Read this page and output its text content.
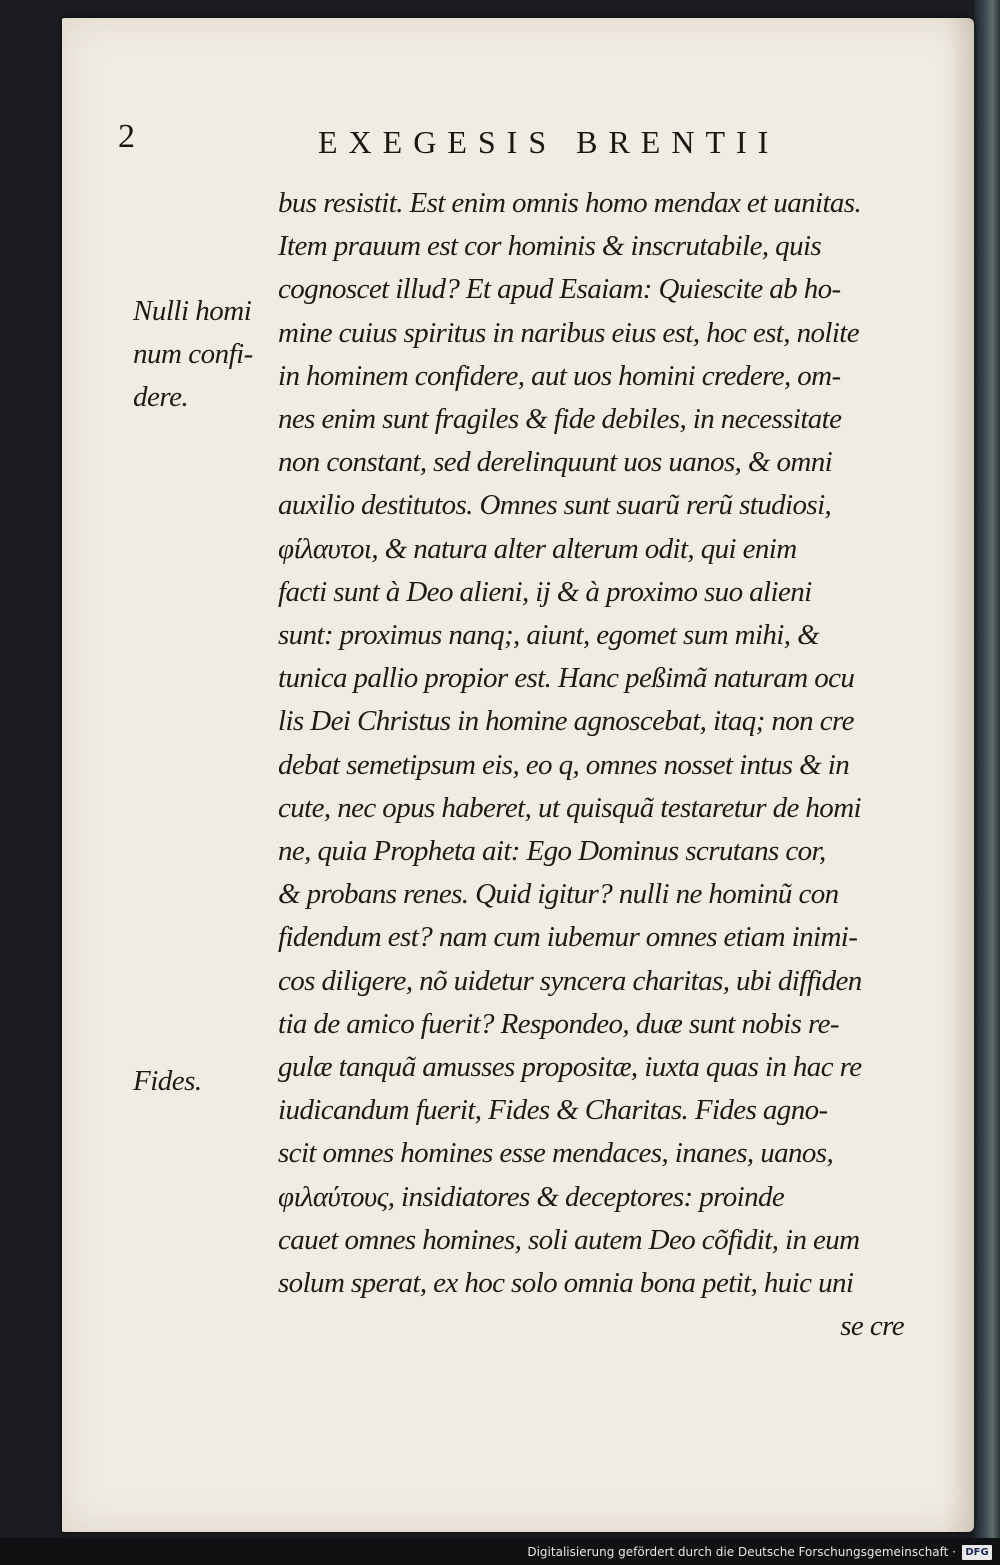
2	EXEGESIS BRENTII
bus resistit. Est enim omnis homo mendax et uanitas.
Item prauum est cor hominis & inscrutabile, quis
cognoscet illud? Et apud Esaiam: Quiescite ab ho-
mine cuius spiritus in naribus eius est, hoc est, nolite
in hominem confidere, aut uos homini credere, om-
nes enim sunt fragiles & fide debiles, in necessitate
non constant, sed derelinquunt uos uanos, & omni
auxilio destitutos. Omnes sunt suarũ rerũ studiosi,
φίλαυτοι, & natura alter alterum odit, qui enim
facti sunt à Deo alieni, ij & à proximo suo alieni
sunt: proximus nanq;, aiunt, egomet sum mihi, &
tunica pallio propior est. Hanc peßimã naturam ocu
lis Dei Christus in homine agnoscebat, itaq; non cre
debat semetipsum eis, eo q, omnes nosset intus & in
cute, nec opus haberet, ut quisquã testaretur de homi
ne, quia Propheta ait: Ego Dominus scrutans cor,
& probans renes. Quid igitur? nulli ne hominũ con
fidendum est? nam cum iubemur omnes etiam inimi-
cos diligere, nõ uidetur syncera charitas, ubi diffiden
tia de amico fuerit? Respondeo, duæ sunt nobis re-
gulæ tanquã amusses propositæ, iuxta quas in hac re
iudicandum fuerit, Fides & Charitas. Fides agno-
scit omnes homines esse mendaces, inanes, uanos,
φιλαύτους, insidiatores & deceptores: proinde
cauet omnes homines, soli autem Deo cõfidit, in eum
solum sperat, ex hoc solo omnia bona petit, huic uni
se cre
Nulli homi
num confi-
dere.
Fides.
Digitalisierung gefördert durch die Deutsche Forschungsgemeinschaft · DFG
